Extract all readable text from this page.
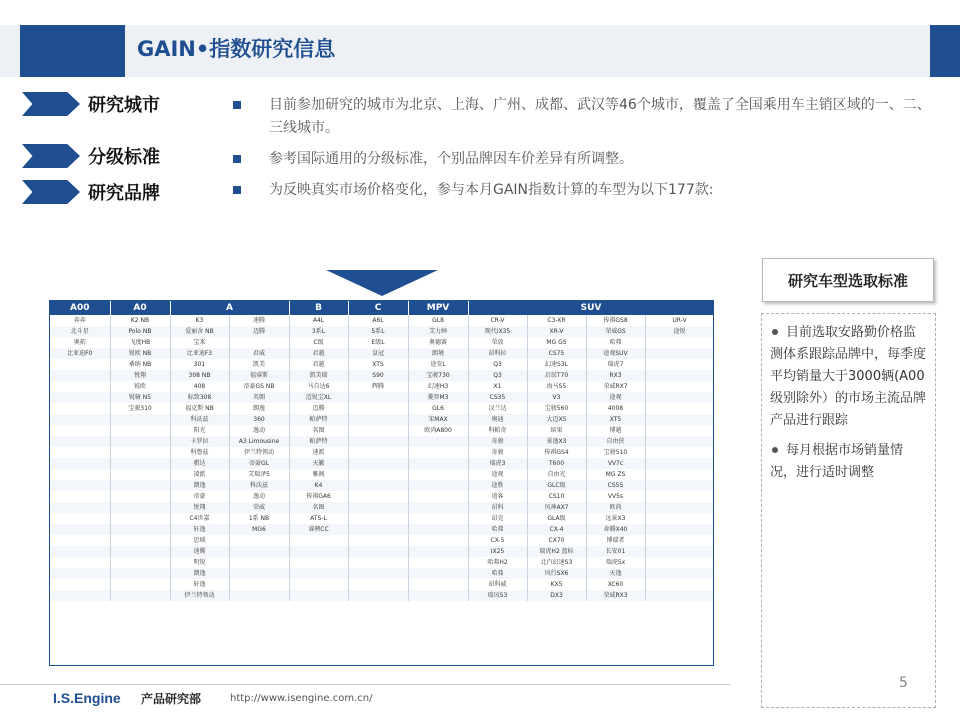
GAIN•指数研究信息
研究城市
分级标准
研究品牌
目前参加研究的城市为北京、上海、广州、成都、武汉等46个城市，覆盖了全国乘用车主销区域的一、二、三线城市。
参考国际通用的分级标准，个别品牌因车价差异有所调整。
为反映真实市场价格变化，参与本月GAIN指数计算的车型为以下177款:
A00	A0	A		B	C	MPV	SUV			
奔奔	K2 NB	K3	速腾	A4L	A6L	GL8	CR-V	C3-XR	传祺GS8	UR-V
北斗星	Polo NB	爱丽舍 NB	迈腾	3系L	5系L	艾力绅	现代iX35	XR-V	荣威GS	途锐
奥拓	飞度HB	宝来		C级	E级L	奥德赛	荣放	MG GS	哈弗	
比亚迪F0	锐欧 NB	比亚迪F3	君威	君越	皇冠	朗境	昂科拉	CS75	途观SUV	
	桑纳 NB	301	凯美	君越	XTS	途安L	Q3	幻速S3L	瑞虎7	
	悦翔	308 NB	福睿斯	凯美瑞	S90	宝骏730	Q3	启辰T70	RX3	
	锐欧	408	帝豪GS NB	马自达6	辉腾	幻速H3	X1	海马S5	荣威RX7	
	锐骑 N5	标致308	英朗	迈锐宝XL		菱智M3	CS35	V3	途观	
	宝骏310	福克斯 NB	朗逸	迈腾		GL6	汉兰达	宝骏560	4008	
		科沃兹	360	帕萨特		宋MAX	奥迪	大迈X5	XT5	
		阳光	逸动	名图		欧尚A800	科帕奇	缤果	博越	
		卡罗拉	A3 Limousine	帕萨特			奇骏	景逸X3	自由侠	
		科鲁兹	伊兰特领动	速派			奇骏	传祺GS4	宝骏510	
		骐达	帝豪GL	天籁			瑞虎3	T600	VV7c	
		凌派	艾瑞泽5	雅阁			途观	自由光	MG ZS	
		朗逸	科沃兹	K4			途胜	GLC级	CS55	
		帝豪	逸动	传祺GA6			逍客	CS10	VV5s	
		悦翔	荣威	名图			昂科	风神AX7	欧尚	
		C4世嘉	1系 NB	ATS-L			昂克	GLA级	远景X3	
		轩逸	MG6	睿骋CC			哈弗	CX-4	奔腾X40	
		思域					CX-5	CX70	博瑞者	
		速腾					IX25	瑞虎H2 蓝标	长安01	
		明锐					哈弗H2	北汽幻速S3	瑞虎5x	
		朗逸					哈弗	风行SX6	天逸	
		轩逸					昂科威	KX5	XC60	
		伊兰特领动					瑞风S3	DX3	荣威RX3	
研究车型选取标准
目前选取安路勤价格监测体系跟踪品牌中，每季度平均销量大于3000辆(A00级别除外）的市场主流品牌产品进行跟踪
每月根据市场销量情况，进行适时调整
5
I.S.Engine 产品研究部	http://www.isengine.com.cn/
